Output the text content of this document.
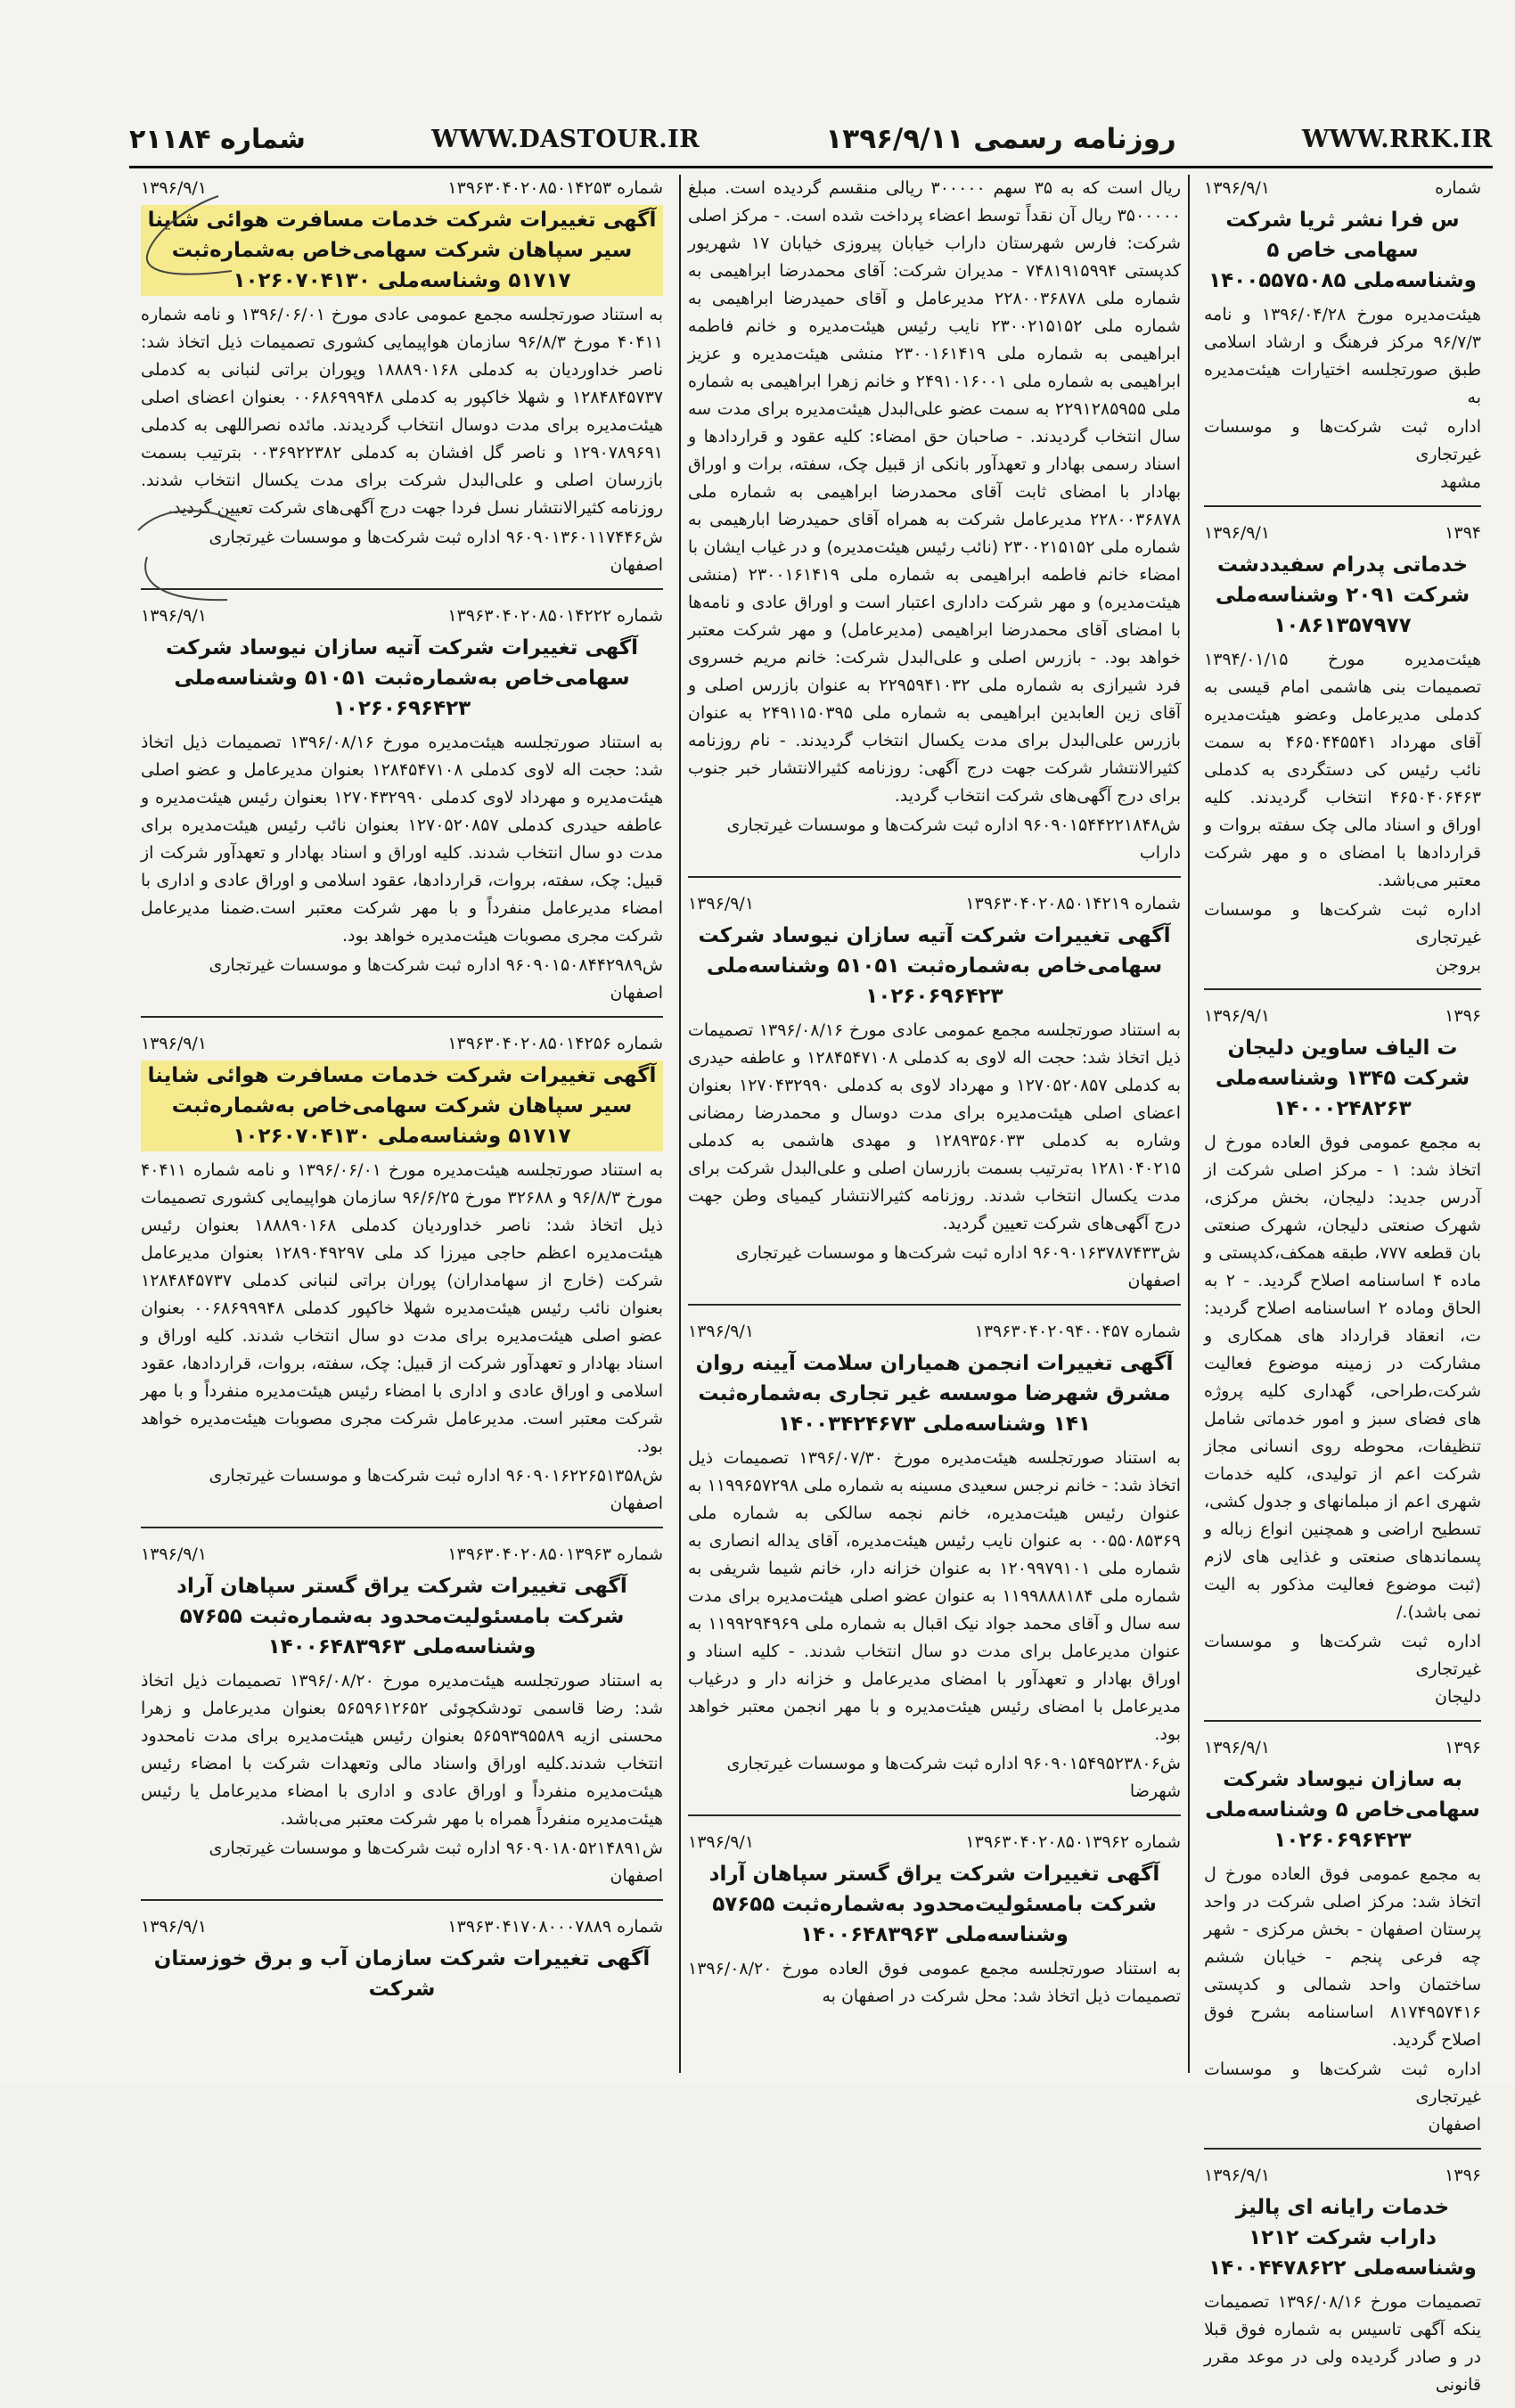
شماره ۲۱۱۸۴	WWW.DASTOUR.IR	روزنامه رسمی ۱۳۹۶/۹/۱۱	WWW.RRK.IR
شماره
۱۳۹۶/۹/۱
س فرا نشر ثریا شرکت سهامی خاص ۵ وشناسه‌ملی ۱۴۰۰۵۵۷۵۰۸۵
هیئت‌مدیره مورخ ۱۳۹۶/۰۴/۲۸ و نامه ۹۶/۷/۳ مرکز فرهنگ و ارشاد اسلامی طبق صورتجلسه اختیارات هیئت‌مدیره به
اداره ثبت شرکت‌ها و موسسات غیرتجاری
مشهد
۱۳۹۴
۱۳۹۶/۹/۱
خدماتی پدرام سفیددشت شرکت ۲۰۹۱ وشناسه‌ملی ۱۰۸۶۱۳۵۷۹۷۷
هیئت‌مدیره مورخ ۱۳۹۴/۰۱/۱۵ تصمیمات بنی هاشمی امام قیسی به کدملی مدیرعامل وعضو هیئت‌مدیره آقای مهرداد ۴۶۵۰۴۴۵۵۴۱ به سمت نائب رئیس کی دستگردی به کدملی ۴۶۵۰۴۰۶۴۶۳ انتخاب گردیدند. کلیه اوراق و اسناد مالی چک سفته بروات و قراردادها با امضای ه و مهر شرکت معتبر می‌باشد.
اداره ثبت شرکت‌ها و موسسات غیرتجاری
بروجن
۱۳۹۶
۱۳۹۶/۹/۱
ت الیاف ساوین دلیجان شرکت ۱۳۴۵ وشناسه‌ملی ۱۴۰۰۰۲۴۸۲۶۳
به مجمع عمومی فوق العاده مورخ ل اتخاذ شد: ۱ - مرکز اصلی شرکت از آدرس جدید: دلیجان، بخش مرکزی، شهرک صنعتی دلیجان، شهرک صنعتی بان قطعه ۷۷۷، طبقه همکف،کدپستی و ماده ۴ اساسنامه اصلاح گردید. - ۲ به الحاق وماده ۲ اساسنامه اصلاح گردید: ت، انعقاد قرارداد های همکاری و مشارکت در زمینه موضوع فعالیت شرکت،طراحی، گهداری کلیه پروژه های فضای سبز و امور خدماتی شامل تنظیفات، محوطه روی انسانی مجاز شرکت اعم از تولیدی، کلیه خدمات شهری اعم از مبلمانهای و جدول کشی، تسطیح اراضی و همچنین انواع زباله و پسماندهای صنعتی و غذایی های لازم (ثبت موضوع فعالیت مذکور به الیت نمی باشد)./
اداره ثبت شرکت‌ها و موسسات غیرتجاری
دلیجان
۱۳۹۶
۱۳۹۶/۹/۱
به سازان نیوساد شرکت سهامی‌خاص ۵ وشناسه‌ملی ۱۰۲۶۰۶۹۶۴۲۳
به مجمع عمومی فوق العاده مورخ ل اتخاذ شد: مرکز اصلی شرکت در واحد پرستان اصفهان - بخش مرکزی - شهر چه فرعی پنجم - خیابان ششم ساختمان واحد شمالی و کدپستی ۸۱۷۴۹۵۷۴۱۶ اساسنامه بشرح فوق اصلاح گردید.
اداره ثبت شرکت‌ها و موسسات غیرتجاری
اصفهان
۱۳۹۶
۱۳۹۶/۹/۱
خدمات رایانه ای پالیز داراب شرکت ۱۲۱۲ وشناسه‌ملی ۱۴۰۰۴۴۷۸۶۲۲
تصمیمات مورخ ۱۳۹۶/۰۸/۱۶ تصمیمات ینکه آگهی تاسیس به شماره فوق قبلا در و صادر گردیده ولی در موعد مقرر قانونی
ریال است که به ۳۵ سهم ۳۰۰۰۰۰ ریالی منقسم گردیده است. مبلغ ۳۵۰۰۰۰۰ ریال آن نقداً توسط اعضاء پرداخت شده است. - مرکز اصلی شرکت: فارس شهرستان داراب خیابان پیروزی خیابان ۱۷ شهریور کدپستی ۷۴۸۱۹۱۵۹۹۴ - مدیران شرکت: آقای محمدرضا ابراهیمی به شماره ملی ۲۲۸۰۰۳۶۸۷۸ مدیرعامل و آقای حمیدرضا ابراهیمی به شماره ملی ۲۳۰۰۲۱۵۱۵۲ نایب رئیس هیئت‌مدیره و خانم فاطمه ابراهیمی به شماره ملی ۲۳۰۰۱۶۱۴۱۹ منشی هیئت‌مدیره و عزیز ابراهیمی به شماره ملی ۲۴۹۱۰۱۶۰۰۱ و خانم زهرا ابراهیمی به شماره ملی ۲۲۹۱۲۸۵۹۵۵ به سمت عضو علی‌البدل هیئت‌مدیره برای مدت سه سال انتخاب گردیدند. - صاحبان حق امضاء: کلیه عقود و قراردادها و اسناد رسمی بهادار و تعهدآور بانکی از قبیل چک، سفته، برات و اوراق بهادار با امضای ثابت آقای محمدرضا ابراهیمی به شماره ملی ۲۲۸۰۰۳۶۸۷۸ مدیرعامل شرکت به همراه آقای حمیدرضا ابارهیمی به شماره ملی ۲۳۰۰۲۱۵۱۵۲ (نائب رئیس هیئت‌مدیره) و در غیاب ایشان با امضاء خانم فاطمه ابراهیمی به شماره ملی ۲۳۰۰۱۶۱۴۱۹ (منشی هیئت‌مدیره) و مهر شرکت داداری اعتبار است و اوراق عادی و نامه‌ها با امضای آقای محمدرضا ابراهیمی (مدیرعامل) و مهر شرکت معتبر خواهد بود. - بازرس اصلی و علی‌البدل شرکت: خانم مریم خسروی فرد شیرازی به شماره ملی ۲۲۹۵۹۴۱۰۳۲ به عنوان بازرس اصلی و آقای زین العابدین ابراهیمی به شماره ملی ۲۴۹۱۱۵۰۳۹۵ به عنوان بازرس علی‌البدل برای مدت یکسال انتخاب گردیدند. - نام روزنامه کثیرالانتشار شرکت جهت درج آگهی: روزنامه کثیرالانتشار خبر جنوب برای درج آگهی‌های شرکت انتخاب گردید.
ش۹۶۰۹۰۱۵۴۴۲۲۱۸۴۸ اداره ثبت شرکت‌ها و موسسات غیرتجاری
داراب
شماره ۱۳۹۶۳۰۴۰۲۰۸۵۰۱۴۲۱۹
۱۳۹۶/۹/۱
آگهی تغییرات شرکت آتیه سازان نیوساد شرکت سهامی‌خاص به‌شماره‌ثبت ۵۱۰۵۱ وشناسه‌ملی ۱۰۲۶۰۶۹۶۴۲۳
به استناد صورتجلسه مجمع عمومی عادی مورخ ۱۳۹۶/۰۸/۱۶ تصمیمات ذیل اتخاذ شد: حجت اله لاوی به کدملی ۱۲۸۴۵۴۷۱۰۸ و عاطفه حیدری به کدملی ۱۲۷۰۵۲۰۸۵۷ و مهرداد لاوی به کدملی ۱۲۷۰۴۳۲۹۹۰ بعنوان اعضای اصلی هیئت‌مدیره برای مدت دوسال و محمدرضا رمضانی وشاره به کدملی ۱۲۸۹۳۵۶۰۳۳ و مهدی هاشمی به کدملی ۱۲۸۱۰۴۰۲۱۵ به‌ترتیب بسمت بازرسان اصلی و علی‌البدل شرکت برای مدت یکسال انتخاب شدند. روزنامه کثیرالانتشار کیمیای وطن جهت درج آگهی‌های شرکت تعیین گردید.
ش۹۶۰۹۰۱۶۳۷۸۷۴۳۳ اداره ثبت شرکت‌ها و موسسات غیرتجاری
اصفهان
شماره ۱۳۹۶۳۰۴۰۲۰۹۴۰۰۴۵۷
۱۳۹۶/۹/۱
آگهی تغییرات انجمن همیاران سلامت آیینه روان مشرق شهرضا موسسه غیر تجاری به‌شماره‌ثبت ۱۴۱ وشناسه‌ملی ۱۴۰۰۳۴۲۴۶۷۳
به استناد صورتجلسه هیئت‌مدیره مورخ ۱۳۹۶/۰۷/۳۰ تصمیمات ذیل اتخاذ شد: - خانم نرجس سعیدی مسینه به شماره ملی ۱۱۹۹۶۵۷۲۹۸ به عنوان رئیس هیئت‌مدیره، خانم نجمه سالکی به شماره ملی ۰۰۵۵۰۸۵۳۶۹ به عنوان نایب رئیس هیئت‌مدیره، آقای یداله انصاری به شماره ملی ۱۲۰۹۹۷۹۱۰۱ به عنوان خزانه دار، خانم شیما شریفی به شماره ملی ۱۱۹۹۸۸۸۱۸۴ به عنوان عضو اصلی هیئت‌مدیره برای مدت سه سال و آقای محمد جواد نیک اقبال به شماره ملی ۱۱۹۹۲۹۴۹۶۹ به عنوان مدیرعامل برای مدت دو سال انتخاب شدند. - کلیه اسناد و اوراق بهادار و تعهدآور با امضای مدیرعامل و خزانه دار و درغیاب مدیرعامل با امضای رئیس هیئت‌مدیره و با مهر انجمن معتبر خواهد بود.
ش۹۶۰۹۰۱۵۴۹۵۲۳۸۰۶ اداره ثبت شرکت‌ها و موسسات غیرتجاری
شهرضا
شماره ۱۳۹۶۳۰۴۰۲۰۸۵۰۱۳۹۶۲
۱۳۹۶/۹/۱
آگهی تغییرات شرکت یراق گستر سپاهان آراد شرکت بامسئولیت‌محدود به‌شماره‌ثبت ۵۷۶۵۵ وشناسه‌ملی ۱۴۰۰۶۴۸۳۹۶۳
به استناد صورتجلسه مجمع عمومی فوق العاده مورخ ۱۳۹۶/۰۸/۲۰ تصمیمات ذیل اتخاذ شد: محل شرکت در اصفهان به
شماره ۱۳۹۶۳۰۴۰۲۰۸۵۰۱۴۲۵۳
۱۳۹۶/۹/۱
آگهی تغییرات شرکت خدمات مسافرت هوائی شاینا سیر سپاهان شرکت سهامی‌خاص به‌شماره‌ثبت ۵۱۷۱۷ وشناسه‌ملی ۱۰۲۶۰۷۰۴۱۳۰
به استناد صورتجلسه مجمع عمومی عادی مورخ ۱۳۹۶/۰۶/۰۱ و نامه شماره ۴۰۴۱۱ مورخ ۹۶/۸/۳ سازمان هواپیمایی کشوری تصمیمات ذیل اتخاذ شد: ناصر خداوردیان به کدملی ۱۸۸۸۹۰۱۶۸ وپوران براتی لنبانی به کدملی ۱۲۸۴۸۴۵۷۳۷ و شهلا خاکپور به کدملی ۰۰۶۸۶۹۹۹۴۸ بعنوان اعضای اصلی هیئت‌مدیره برای مدت دوسال انتخاب گردیدند. مائده نصراللهی به کدملی ۱۲۹۰۷۸۹۶۹۱ و ناصر گل افشان به کدملی ۰۰۳۶۹۲۲۳۸۲ بترتیب بسمت بازرسان اصلی و علی‌البدل شرکت برای مدت یکسال انتخاب شدند. روزنامه کثیرالانتشار نسل فردا جهت درج آگهی‌های شرکت تعیین گردید.
ش۹۶۰۹۰۱۳۶۰۱۱۷۴۴۶ اداره ثبت شرکت‌ها و موسسات غیرتجاری
اصفهان
شماره ۱۳۹۶۳۰۴۰۲۰۸۵۰۱۴۲۲۲
۱۳۹۶/۹/۱
آگهی تغییرات شرکت آتیه سازان نیوساد شرکت سهامی‌خاص به‌شماره‌ثبت ۵۱۰۵۱ وشناسه‌ملی ۱۰۲۶۰۶۹۶۴۲۳
به استناد صورتجلسه هیئت‌مدیره مورخ ۱۳۹۶/۰۸/۱۶ تصمیمات ذیل اتخاذ شد: حجت اله لاوی کدملی ۱۲۸۴۵۴۷۱۰۸ بعنوان مدیرعامل و عضو اصلی هیئت‌مدیره و مهرداد لاوی کدملی ۱۲۷۰۴۳۲۹۹۰ بعنوان رئیس هیئت‌مدیره و عاطفه حیدری کدملی ۱۲۷۰۵۲۰۸۵۷ بعنوان نائب رئیس هیئت‌مدیره برای مدت دو سال انتخاب شدند. کلیه اوراق و اسناد بهادار و تعهدآور شرکت از قبیل: چک، سفته، بروات، قراردادها، عقود اسلامی و اوراق عادی و اداری با امضاء مدیرعامل منفرداً و با مهر شرکت معتبر است.ضمنا مدیرعامل شرکت مجری مصوبات هیئت‌مدیره خواهد بود.
ش۹۶۰۹۰۱۵۰۸۴۴۲۹۸۹ اداره ثبت شرکت‌ها و موسسات غیرتجاری
اصفهان
شماره ۱۳۹۶۳۰۴۰۲۰۸۵۰۱۴۲۵۶
۱۳۹۶/۹/۱
آگهی تغییرات شرکت خدمات مسافرت هوائی شاینا سیر سپاهان شرکت سهامی‌خاص به‌شماره‌ثبت ۵۱۷۱۷ وشناسه‌ملی ۱۰۲۶۰۷۰۴۱۳۰
به استناد صورتجلسه هیئت‌مدیره مورخ ۱۳۹۶/۰۶/۰۱ و نامه شماره ۴۰۴۱۱ مورخ ۹۶/۸/۳ و ۳۲۶۸۸ مورخ ۹۶/۶/۲۵ سازمان هواپیمایی کشوری تصمیمات ذیل اتخاذ شد: ناصر خداوردیان کدملی ۱۸۸۸۹۰۱۶۸ بعنوان رئیس هیئت‌مدیره اعظم حاجی میرزا کد ملی ۱۲۸۹۰۴۹۲۹۷ بعنوان مدیرعامل شرکت (خارج از سهامداران) پوران براتی لنبانی کدملی ۱۲۸۴۸۴۵۷۳۷ بعنوان نائب رئیس هیئت‌مدیره شهلا خاکپور کدملی ۰۰۶۸۶۹۹۹۴۸ بعنوان عضو اصلی هیئت‌مدیره برای مدت دو سال انتخاب شدند. کلیه اوراق و اسناد بهادار و تعهدآور شرکت از قبیل: چک، سفته، بروات، قراردادها، عقود اسلامی و اوراق عادی و اداری با امضاء رئیس هیئت‌مدیره منفرداً و با مهر شرکت معتبر است. مدیرعامل شرکت مجری مصوبات هیئت‌مدیره خواهد بود.
ش۹۶۰۹۰۱۶۲۲۶۵۱۳۵۸ اداره ثبت شرکت‌ها و موسسات غیرتجاری
اصفهان
شماره ۱۳۹۶۳۰۴۰۲۰۸۵۰۱۳۹۶۳
۱۳۹۶/۹/۱
آگهی تغییرات شرکت یراق گستر سپاهان آراد شرکت بامسئولیت‌محدود به‌شماره‌ثبت ۵۷۶۵۵ وشناسه‌ملی ۱۴۰۰۶۴۸۳۹۶۳
به استناد صورتجلسه هیئت‌مدیره مورخ ۱۳۹۶/۰۸/۲۰ تصمیمات ذیل اتخاذ شد: رضا قاسمی تودشکچوئی ۵۶۵۹۶۱۲۶۵۲ بعنوان مدیرعامل و زهرا محسنی ازیه ۵۶۵۹۳۹۵۵۸۹ بعنوان رئیس هیئت‌مدیره برای مدت نامحدود انتخاب شدند.کلیه اوراق واسناد مالی وتعهدات شرکت با امضاء رئیس هیئت‌مدیره منفرداً و اوراق عادی و اداری با امضاء مدیرعامل یا رئیس هیئت‌مدیره منفرداً همراه با مهر شرکت معتبر می‌باشد.
ش۹۶۰۹۰۱۸۰۵۲۱۴۸۹۱ اداره ثبت شرکت‌ها و موسسات غیرتجاری
اصفهان
شماره ۱۳۹۶۳۰۴۱۷۰۸۰۰۰۷۸۸۹
۱۳۹۶/۹/۱
آگهی تغییرات شرکت سازمان آب و برق خوزستان شرکت
